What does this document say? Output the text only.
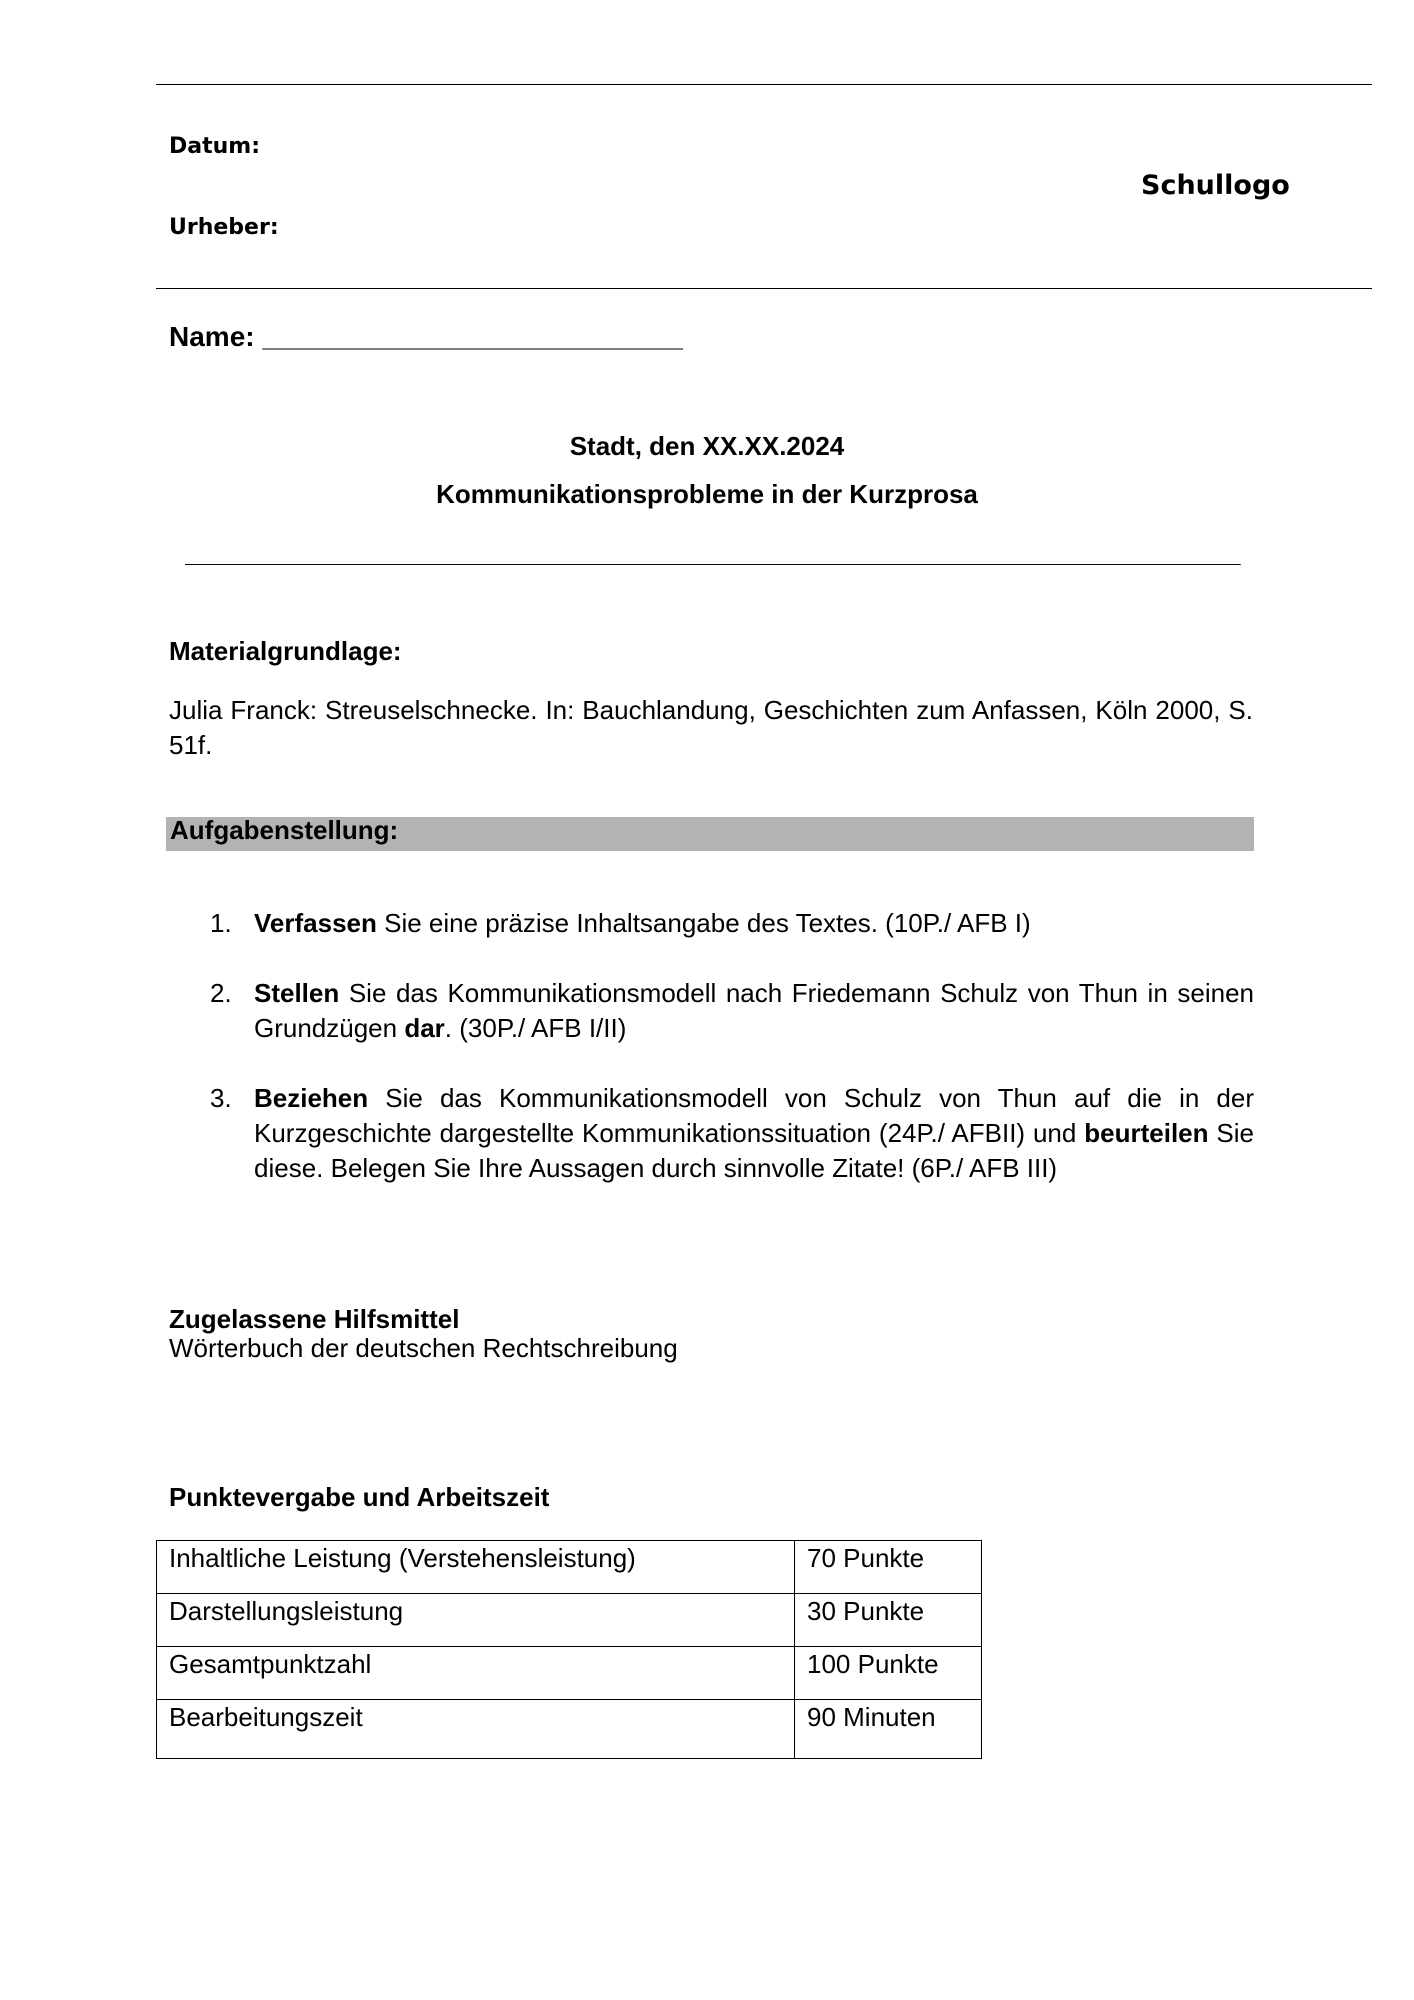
Datum:
Urheber:
Schullogo
Name: ___________________________
Stadt, den XX.XX.2024
Kommunikationsprobleme in der Kurzprosa
_________________________________________________________________________
Materialgrundlage:
Julia Franck: Streuselschnecke. In: Bauchlandung, Geschichten zum Anfassen, Köln 2000, S. 51f.
Aufgabenstellung:
1. Verfassen Sie eine präzise Inhaltsangabe des Textes. (10P./ AFB I)
2. Stellen Sie das Kommunikationsmodell nach Friedemann Schulz von Thun in seinen Grundzügen dar. (30P./ AFB I/II)
3. Beziehen Sie das Kommunikationsmodell von Schulz von Thun auf die in der Kurzgeschichte dargestellte Kommunikationssituation (24P./ AFBII) und beurteilen Sie diese. Belegen Sie Ihre Aussagen durch sinnvolle Zitate! (6P./ AFB III)
Zugelassene Hilfsmittel
Wörterbuch der deutschen Rechtschreibung
Punktevergabe und Arbeitszeit
Inhaltliche Leistung (Verstehensleistung)	70 Punkte
Darstellungsleistung	30 Punkte
Gesamtpunktzahl	100 Punkte
Bearbeitungszeit	90 Minuten
